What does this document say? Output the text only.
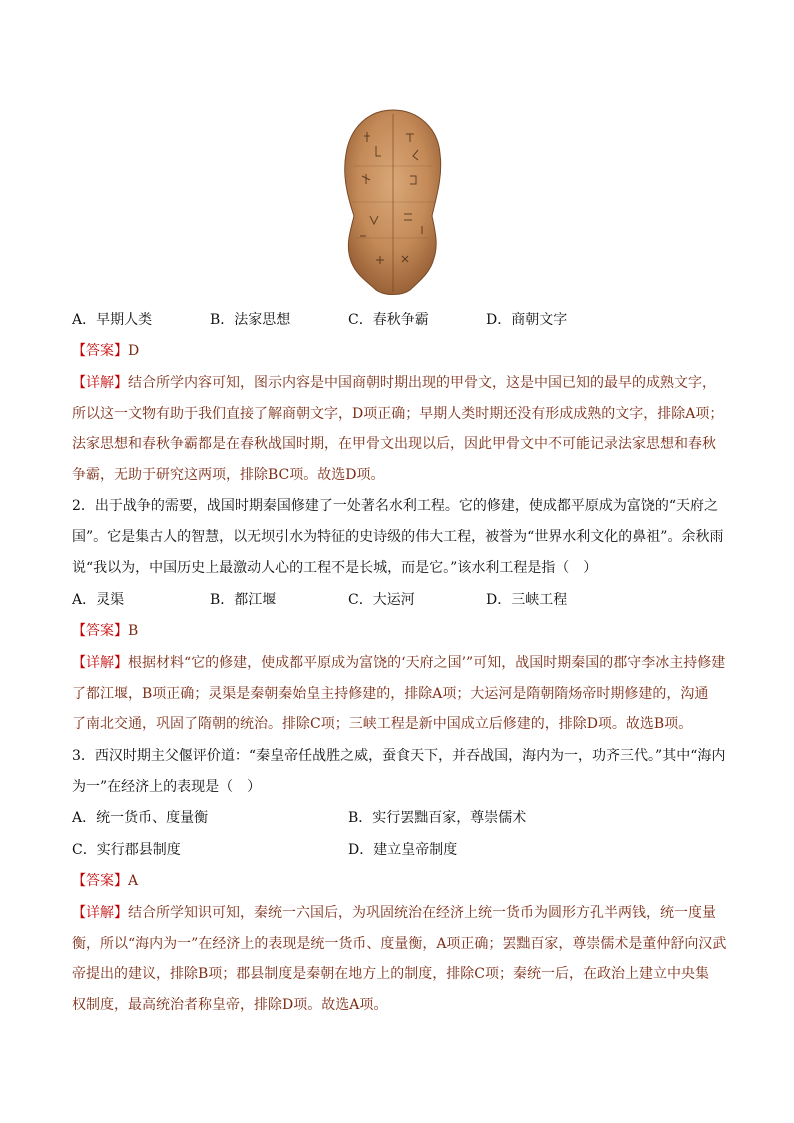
A．早期人类	B．法家思想	C．春秋争霸	D．商朝文字
【答案】D
【详解】结合所学内容可知，图示内容是中国商朝时期出现的甲骨文，这是中国已知的最早的成熟文字，
所以这一文物有助于我们直接了解商朝文字，D项正确；早期人类时期还没有形成成熟的文字，排除A项；
法家思想和春秋争霸都是在春秋战国时期，在甲骨文出现以后，因此甲骨文中不可能记录法家思想和春秋
争霸，无助于研究这两项，排除BC项。故选D项。
2．出于战争的需要，战国时期秦国修建了一处著名水利工程。它的修建，使成都平原成为富饶的“天府之
国”。它是集古人的智慧，以无坝引水为特征的史诗级的伟大工程，被誉为“世界水利文化的鼻祖”。余秋雨
说“我以为，中国历史上最激动人心的工程不是长城，而是它。”该水利工程是指（　）
A．灵渠	B．都江堰	C．大运河	D．三峡工程
【答案】B
【详解】根据材料“它的修建，使成都平原成为富饶的‘天府之国’”可知，战国时期秦国的郡守李冰主持修建
了都江堰，B项正确；灵渠是秦朝秦始皇主持修建的，排除A项；大运河是隋朝隋炀帝时期修建的，沟通
了南北交通，巩固了隋朝的统治。排除C项；三峡工程是新中国成立后修建的，排除D项。故选B项。
3．西汉时期主父偃评价道：“秦皇帝任战胜之威，蚕食天下，并吞战国，海内为一，功齐三代。”其中“海内
为一”在经济上的表现是（　）
A．统一货币、度量衡	B．实行罢黜百家，尊崇儒术
C．实行郡县制度	D．建立皇帝制度
【答案】A
【详解】结合所学知识可知，秦统一六国后，为巩固统治在经济上统一货币为圆形方孔半两钱，统一度量
衡，所以“海内为一”在经济上的表现是统一货币、度量衡，A项正确；罢黜百家，尊崇儒术是董仲舒向汉武
帝提出的建议，排除B项；郡县制度是秦朝在地方上的制度，排除C项；秦统一后，在政治上建立中央集
权制度，最高统治者称皇帝，排除D项。故选A项。
